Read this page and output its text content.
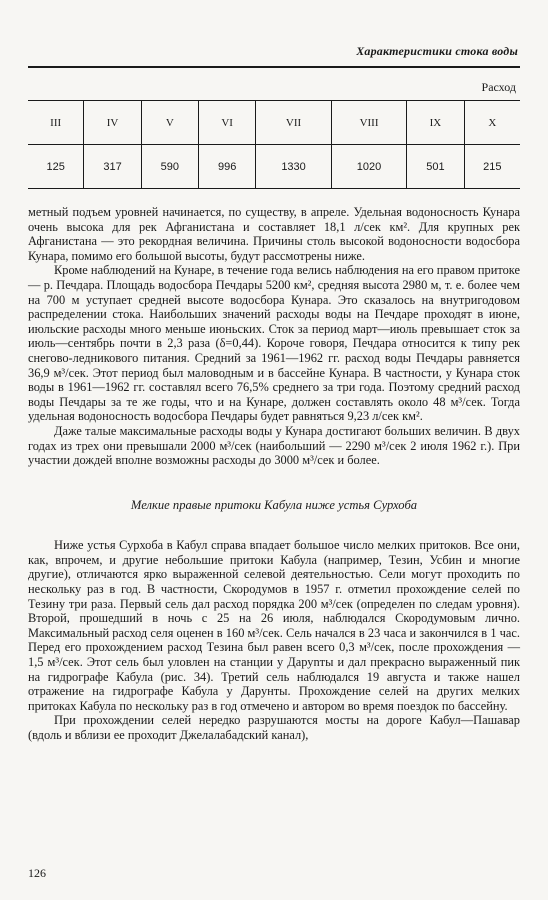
Характеристики стока воды
Расход
III	IV	V	VI	VII	VIII	IX	X
125	317	590	996	1330	1020	501	215

метный подъем уровней начинается, по существу, в апреле. Удельная водоносность Кунара очень высока для рек Афганистана и составляет 18,1 л/сек км². Для крупных рек Афганистана — это рекордная величина. Причины столь высокой водоносности водосбора Кунара, помимо его большой высоты, будут рассмотрены ниже.

Кроме наблюдений на Кунаре, в течение года велись наблюдения на его правом притоке — р. Печдара. Площадь водосбора Печдары 5200 км², средняя высота 2980 м, т. е. более чем на 700 м уступает средней высоте водосбора Кунара. Это сказалось на внутригодовом распределении стока. Наибольших значений расходы воды на Печдаре проходят в июне, июльские расходы много меньше июньских. Сток за период март—июль превышает сток за июль—сентябрь почти в 2,3 раза (δ=0,44). Короче говоря, Печдара относится к типу рек снегово-ледникового питания. Средний за 1961—1962 гг. расход воды Печдары равняется 36,9 м³/сек. Этот период был маловодным и в бассейне Кунара. В частности, у Кунара сток воды в 1961—1962 гг. составлял всего 76,5% среднего за три года. Поэтому средний расход воды Печдары за те же годы, что и на Кунаре, должен составлять около 48 м³/сек. Тогда удельная водоносность водосбора Печдары будет равняться 9,23 л/сек км².

Даже талые максимальные расходы воды у Кунара достигают больших величин. В двух годах из трех они превышали 2000 м³/сек (наибольший — 2290 м³/сек 2 июля 1962 г.). При участии дождей вполне возможны расходы до 3000 м³/сек и более.

Мелкие правые притоки Кабула ниже устья Сурхоба

Ниже устья Сурхоба в Кабул справа впадает большое число мелких притоков. Все они, как, впрочем, и другие небольшие притоки Кабула (например, Тезин, Усбин и многие другие), отличаются ярко выраженной селевой деятельностью. Сели могут проходить по нескольку раз в год. В частности, Скородумов в 1957 г. отметил прохождение селей по Тезину три раза. Первый сель дал расход порядка 200 м³/сек (определен по следам уровня). Второй, прошедший в ночь с 25 на 26 июля, наблюдался Скородумовым лично. Максимальный расход селя оценен в 160 м³/сек. Сель начался в 23 часа и закончился в 1 час. Перед его прохождением расход Тезина был равен всего 0,3 м³/сек, после прохождения — 1,5 м³/сек. Этот сель был уловлен на станции у Даруnты и дал прекрасно выраженный пик на гидрографе Кабула (рис. 34). Третий сель наблюдался 19 августа и также нашел отражение на гидрографе Кабула у Дарунты. Прохождение селей на других мелких притоках Кабула по нескольку раз в год отмечено и автором во время поездок по бассейну.

При прохождении селей нередко разрушаются мосты на дороге Кабул—Пашавар (вдоль и вблизи ее проходит Джелалабадский канал),

126
